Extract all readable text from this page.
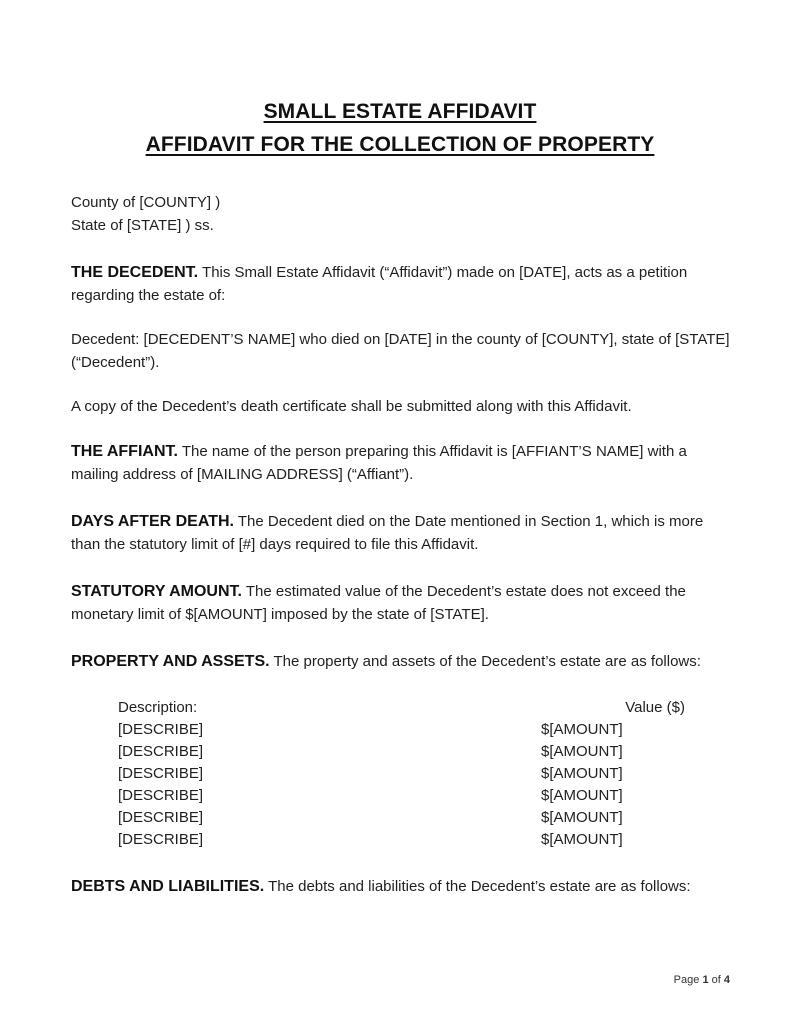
SMALL ESTATE AFFIDAVIT
AFFIDAVIT FOR THE COLLECTION OF PROPERTY

County of [COUNTY] )
State of [STATE] ) ss.

THE DECEDENT. This Small Estate Affidavit (“Affidavit”) made on [DATE], acts as a petition regarding the estate of:

Decedent: [DECEDENT’S NAME] who died on [DATE] in the county of [COUNTY], state of [STATE] (“Decedent”).

A copy of the Decedent’s death certificate shall be submitted along with this Affidavit.

THE AFFIANT. The name of the person preparing this Affidavit is [AFFIANT’S NAME] with a mailing address of [MAILING ADDRESS] (“Affiant”).

DAYS AFTER DEATH. The Decedent died on the Date mentioned in Section 1, which is more than the statutory limit of [#] days required to file this Affidavit.

STATUTORY AMOUNT. The estimated value of the Decedent’s estate does not exceed the monetary limit of $[AMOUNT] imposed by the state of [STATE].

PROPERTY AND ASSETS. The property and assets of the Decedent’s estate are as follows:

Description:	Value ($)
[DESCRIBE]	$[AMOUNT]
[DESCRIBE]	$[AMOUNT]
[DESCRIBE]	$[AMOUNT]
[DESCRIBE]	$[AMOUNT]
[DESCRIBE]	$[AMOUNT]
[DESCRIBE]	$[AMOUNT]

DEBTS AND LIABILITIES. The debts and liabilities of the Decedent’s estate are as follows:

Page 1 of 4
